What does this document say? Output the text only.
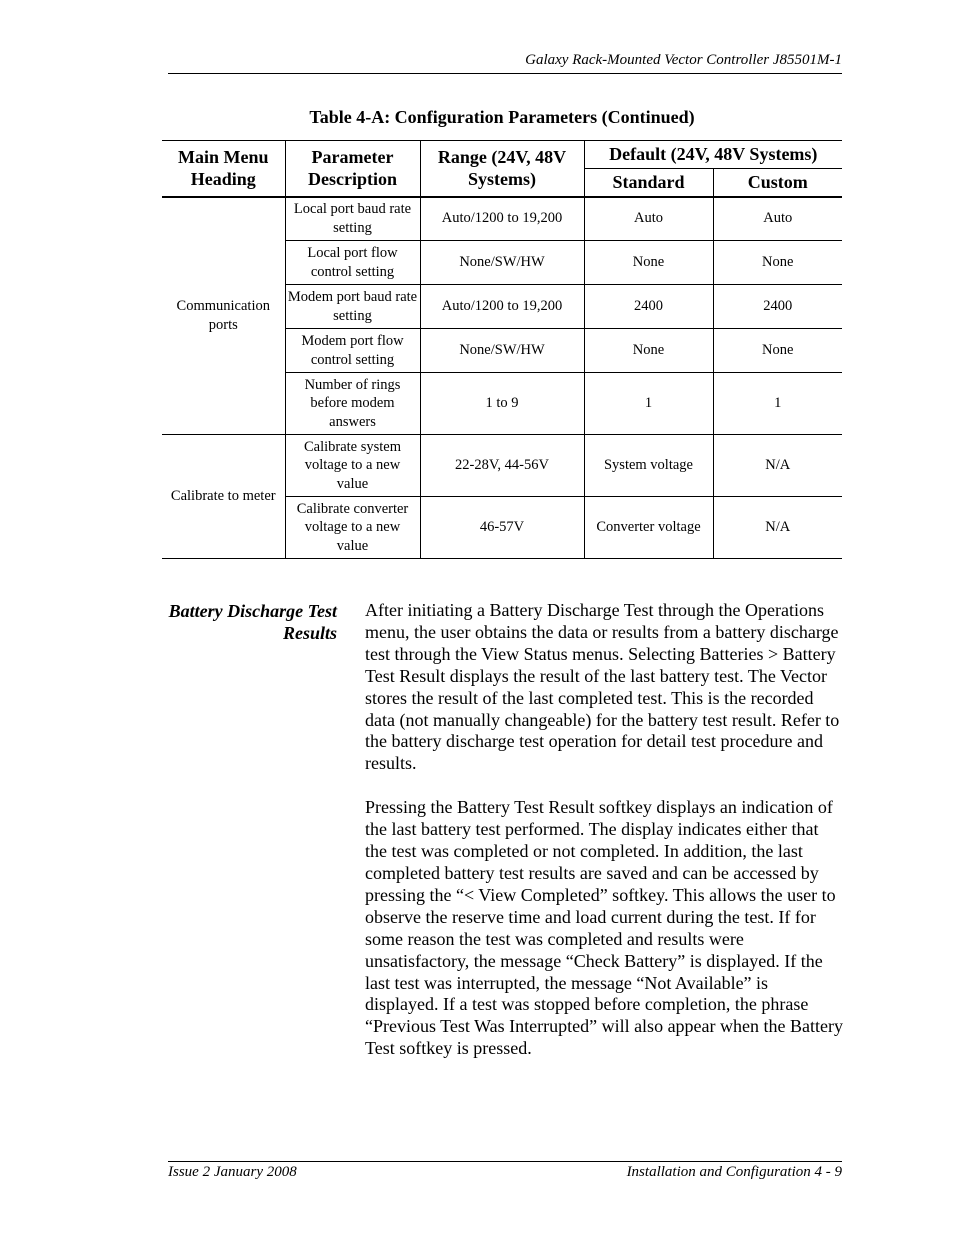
Galaxy Rack-Mounted Vector Controller J85501M-1
Table 4-A: Configuration Parameters (Continued)
Main Menu Heading	Parameter Description	Range (24V, 48V Systems)	Default (24V, 48V Systems)	
			Standard	Custom
Communication ports	Local port baud rate setting	Auto/1200 to 19,200	Auto	Auto
	Local port flow control setting	None/SW/HW	None	None
	Modem port baud rate setting	Auto/1200 to 19,200	2400	2400
	Modem port flow control setting	None/SW/HW	None	None
	Number of rings before modem answers	1 to 9	1	1
Calibrate to meter	Calibrate system voltage to a new value	22-28V, 44-56V	System voltage	N/A
	Calibrate converter voltage to a new value	46-57V	Converter voltage	N/A
Battery Discharge Test Results

After initiating a Battery Discharge Test through the Operations menu, the user obtains the data or results from a battery discharge test through the View Status menus. Selecting Batteries > Battery Test Result displays the result of the last battery test. The Vector stores the result of the last completed test. This is the recorded data (not manually changeable) for the battery test result. Refer to the battery discharge test operation for detail test procedure and results.

Pressing the Battery Test Result softkey displays an indication of the last battery test performed. The display indicates either that the test was completed or not completed. In addition, the last completed battery test results are saved and can be accessed by pressing the “< View Completed” softkey. This allows the user to observe the reserve time and load current during the test. If for some reason the test was completed and results were unsatisfactory, the message “Check Battery” is displayed. If the last test was interrupted, the message “Not Available” is displayed. If a test was stopped before completion, the phrase “Previous Test Was Interrupted” will also appear when the Battery Test softkey is pressed.

Issue 2 January 2008	Installation and Configuration 4 - 9
